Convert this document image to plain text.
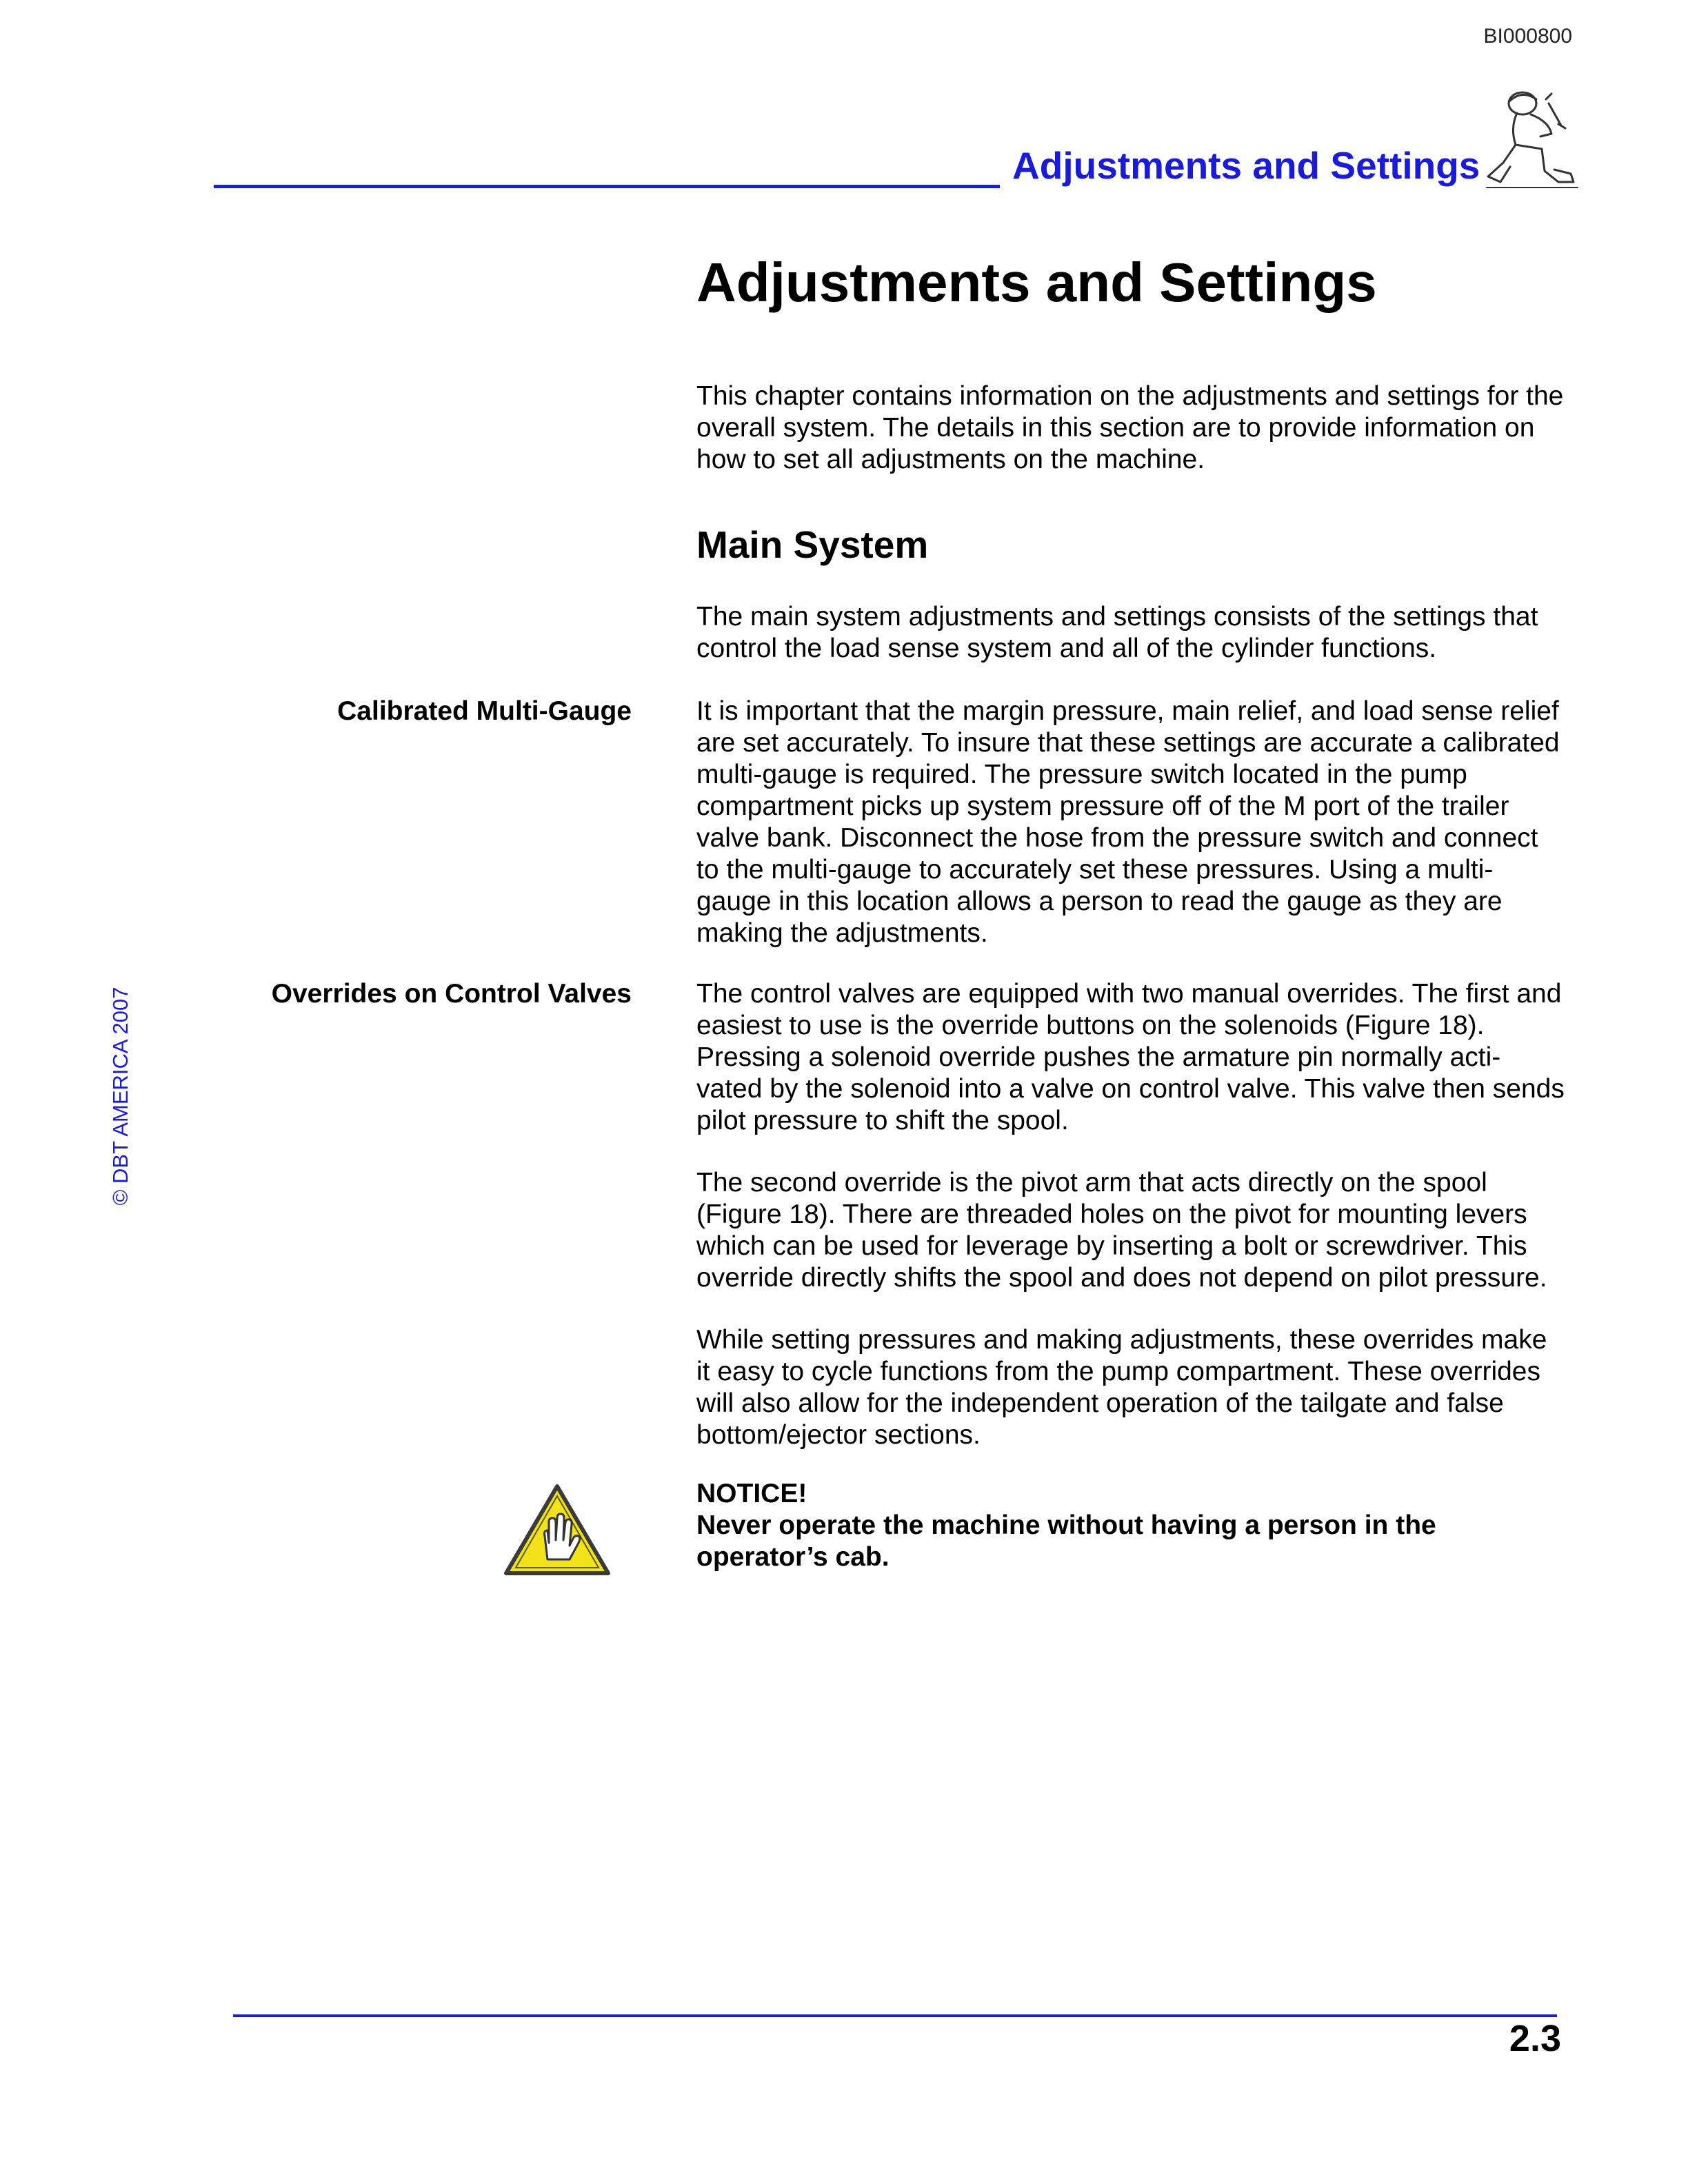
BI000800
Adjustments and Settings
Adjustments and Settings
This chapter contains information on the adjustments and settings for the overall system. The details in this section are to provide information on how to set all adjustments on the machine.
Main System
The main system adjustments and settings consists of the settings that control the load sense system and all of the cylinder functions.
Calibrated Multi-Gauge It is important that the margin pressure, main relief, and load sense relief are set accurately. To insure that these settings are accurate a calibrated multi-gauge is required. The pressure switch located in the pump compartment picks up system pressure off of the M port of the trailer valve bank. Disconnect the hose from the pressure switch and connect to the multi-gauge to accurately set these pressures. Using a multi-gauge in this location allows a person to read the gauge as they are making the adjustments.
Overrides on Control Valves The control valves are equipped with two manual overrides. The first and easiest to use is the override buttons on the solenoids (Figure 18). Pressing a solenoid override pushes the armature pin normally acti-vated by the solenoid into a valve on control valve. This valve then sends pilot pressure to shift the spool.
The second override is the pivot arm that acts directly on the spool (Figure 18). There are threaded holes on the pivot for mounting levers which can be used for leverage by inserting a bolt or screwdriver. This override directly shifts the spool and does not depend on pilot pressure.
While setting pressures and making adjustments, these overrides make it easy to cycle functions from the pump compartment. These overrides will also allow for the independent operation of the tailgate and false bottom/ejector sections.
NOTICE!
Never operate the machine without having a person in the operator’s cab.
© DBT AMERICA 2007
2.3
